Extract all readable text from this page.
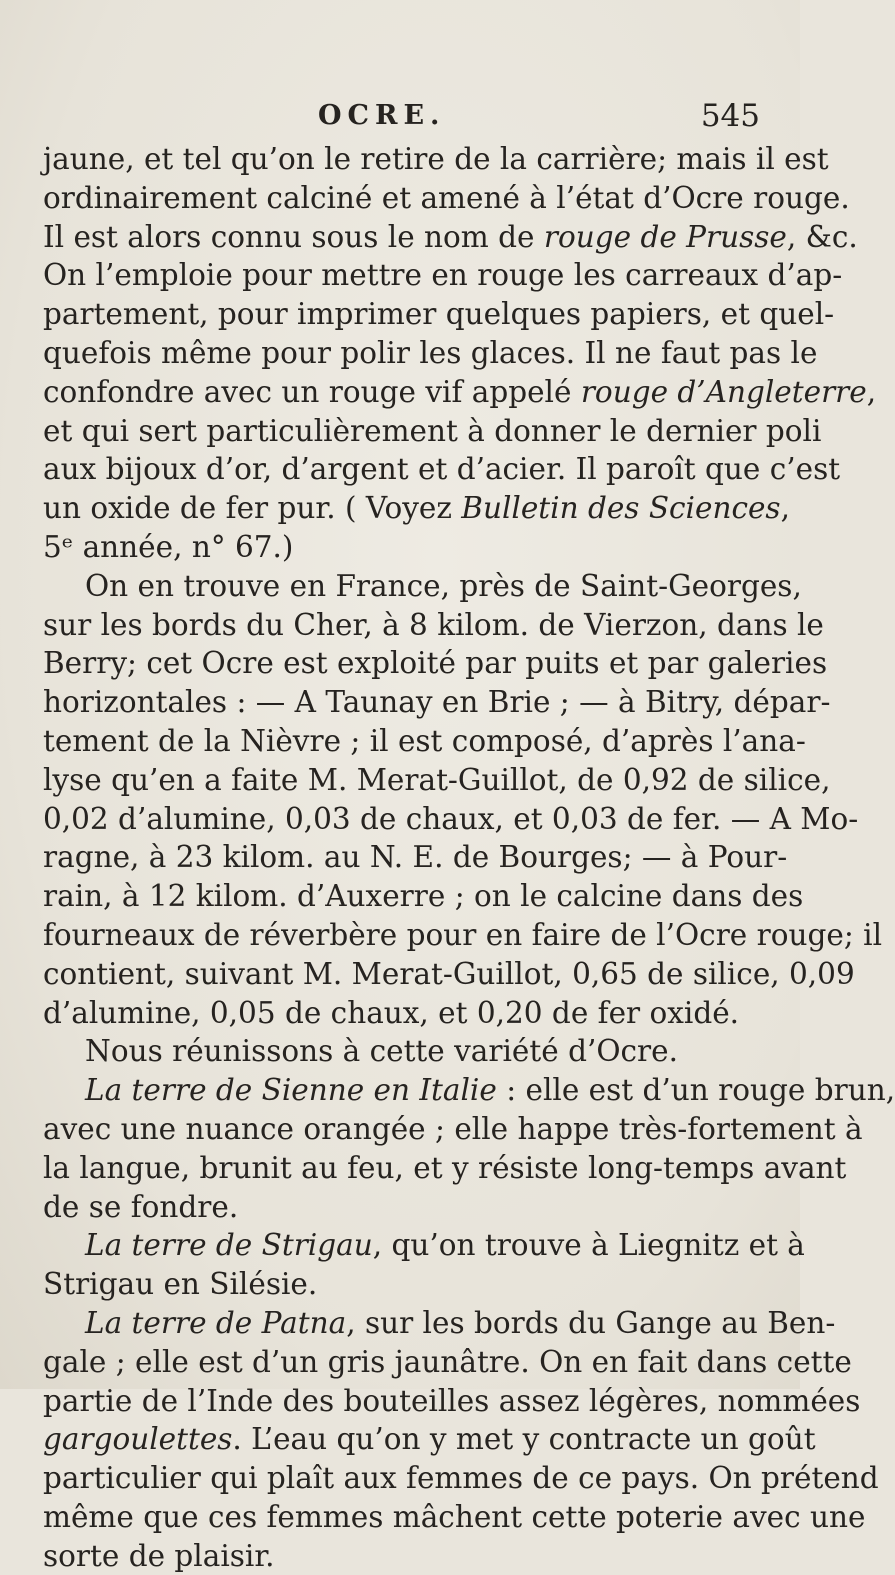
OCRE.	545
jaune, et tel qu’on le retire de la carrière; mais il est
ordinairement calciné et amené à l’état d’Ocre rouge.
Il est alors connu sous le nom de rouge de Prusse, &c.
On l’emploie pour mettre en rouge les carreaux d’ap-
partement, pour imprimer quelques papiers, et quel-
quefois même pour polir les glaces. Il ne faut pas le
confondre avec un rouge vif appelé rouge d’Angleterre,
et qui sert particulièrement à donner le dernier poli
aux bijoux d’or, d’argent et d’acier. Il paroît que c’est
un oxide de fer pur. ( Voyez Bulletin des Sciences,
5ᵉ année, n° 67.)
On en trouve en France, près de Saint-Georges,
sur les bords du Cher, à 8 kilom. de Vierzon, dans le
Berry; cet Ocre est exploité par puits et par galeries
horizontales : — A Taunay en Brie ; — à Bitry, dépar-
tement de la Nièvre ; il est composé, d’après l’ana-
lyse qu’en a faite M. Merat-Guillot, de 0,92 de silice,
0,02 d’alumine, 0,03 de chaux, et 0,03 de fer. — A Mo-
ragne, à 23 kilom. au N. E. de Bourges; — à Pour-
rain, à 12 kilom. d’Auxerre ; on le calcine dans des
fourneaux de réverbère pour en faire de l’Ocre rouge; il
contient, suivant M. Merat-Guillot, 0,65 de silice, 0,09
d’alumine, 0,05 de chaux, et 0,20 de fer oxidé.
Nous réunissons à cette variété d’Ocre.
La terre de Sienne en Italie : elle est d’un rouge brun,
avec une nuance orangée ; elle happe très-fortement à
la langue, brunit au feu, et y résiste long-temps avant
de se fondre.
La terre de Strigau, qu’on trouve à Liegnitz et à
Strigau en Silésie.
La terre de Patna, sur les bords du Gange au Ben-
gale ; elle est d’un gris jaunâtre. On en fait dans cette
partie de l’Inde des bouteilles assez légères, nommées
gargoulettes. L’eau qu’on y met y contracte un goût
particulier qui plaît aux femmes de ce pays. On prétend
même que ces femmes mâchent cette poterie avec une
sorte de plaisir.
